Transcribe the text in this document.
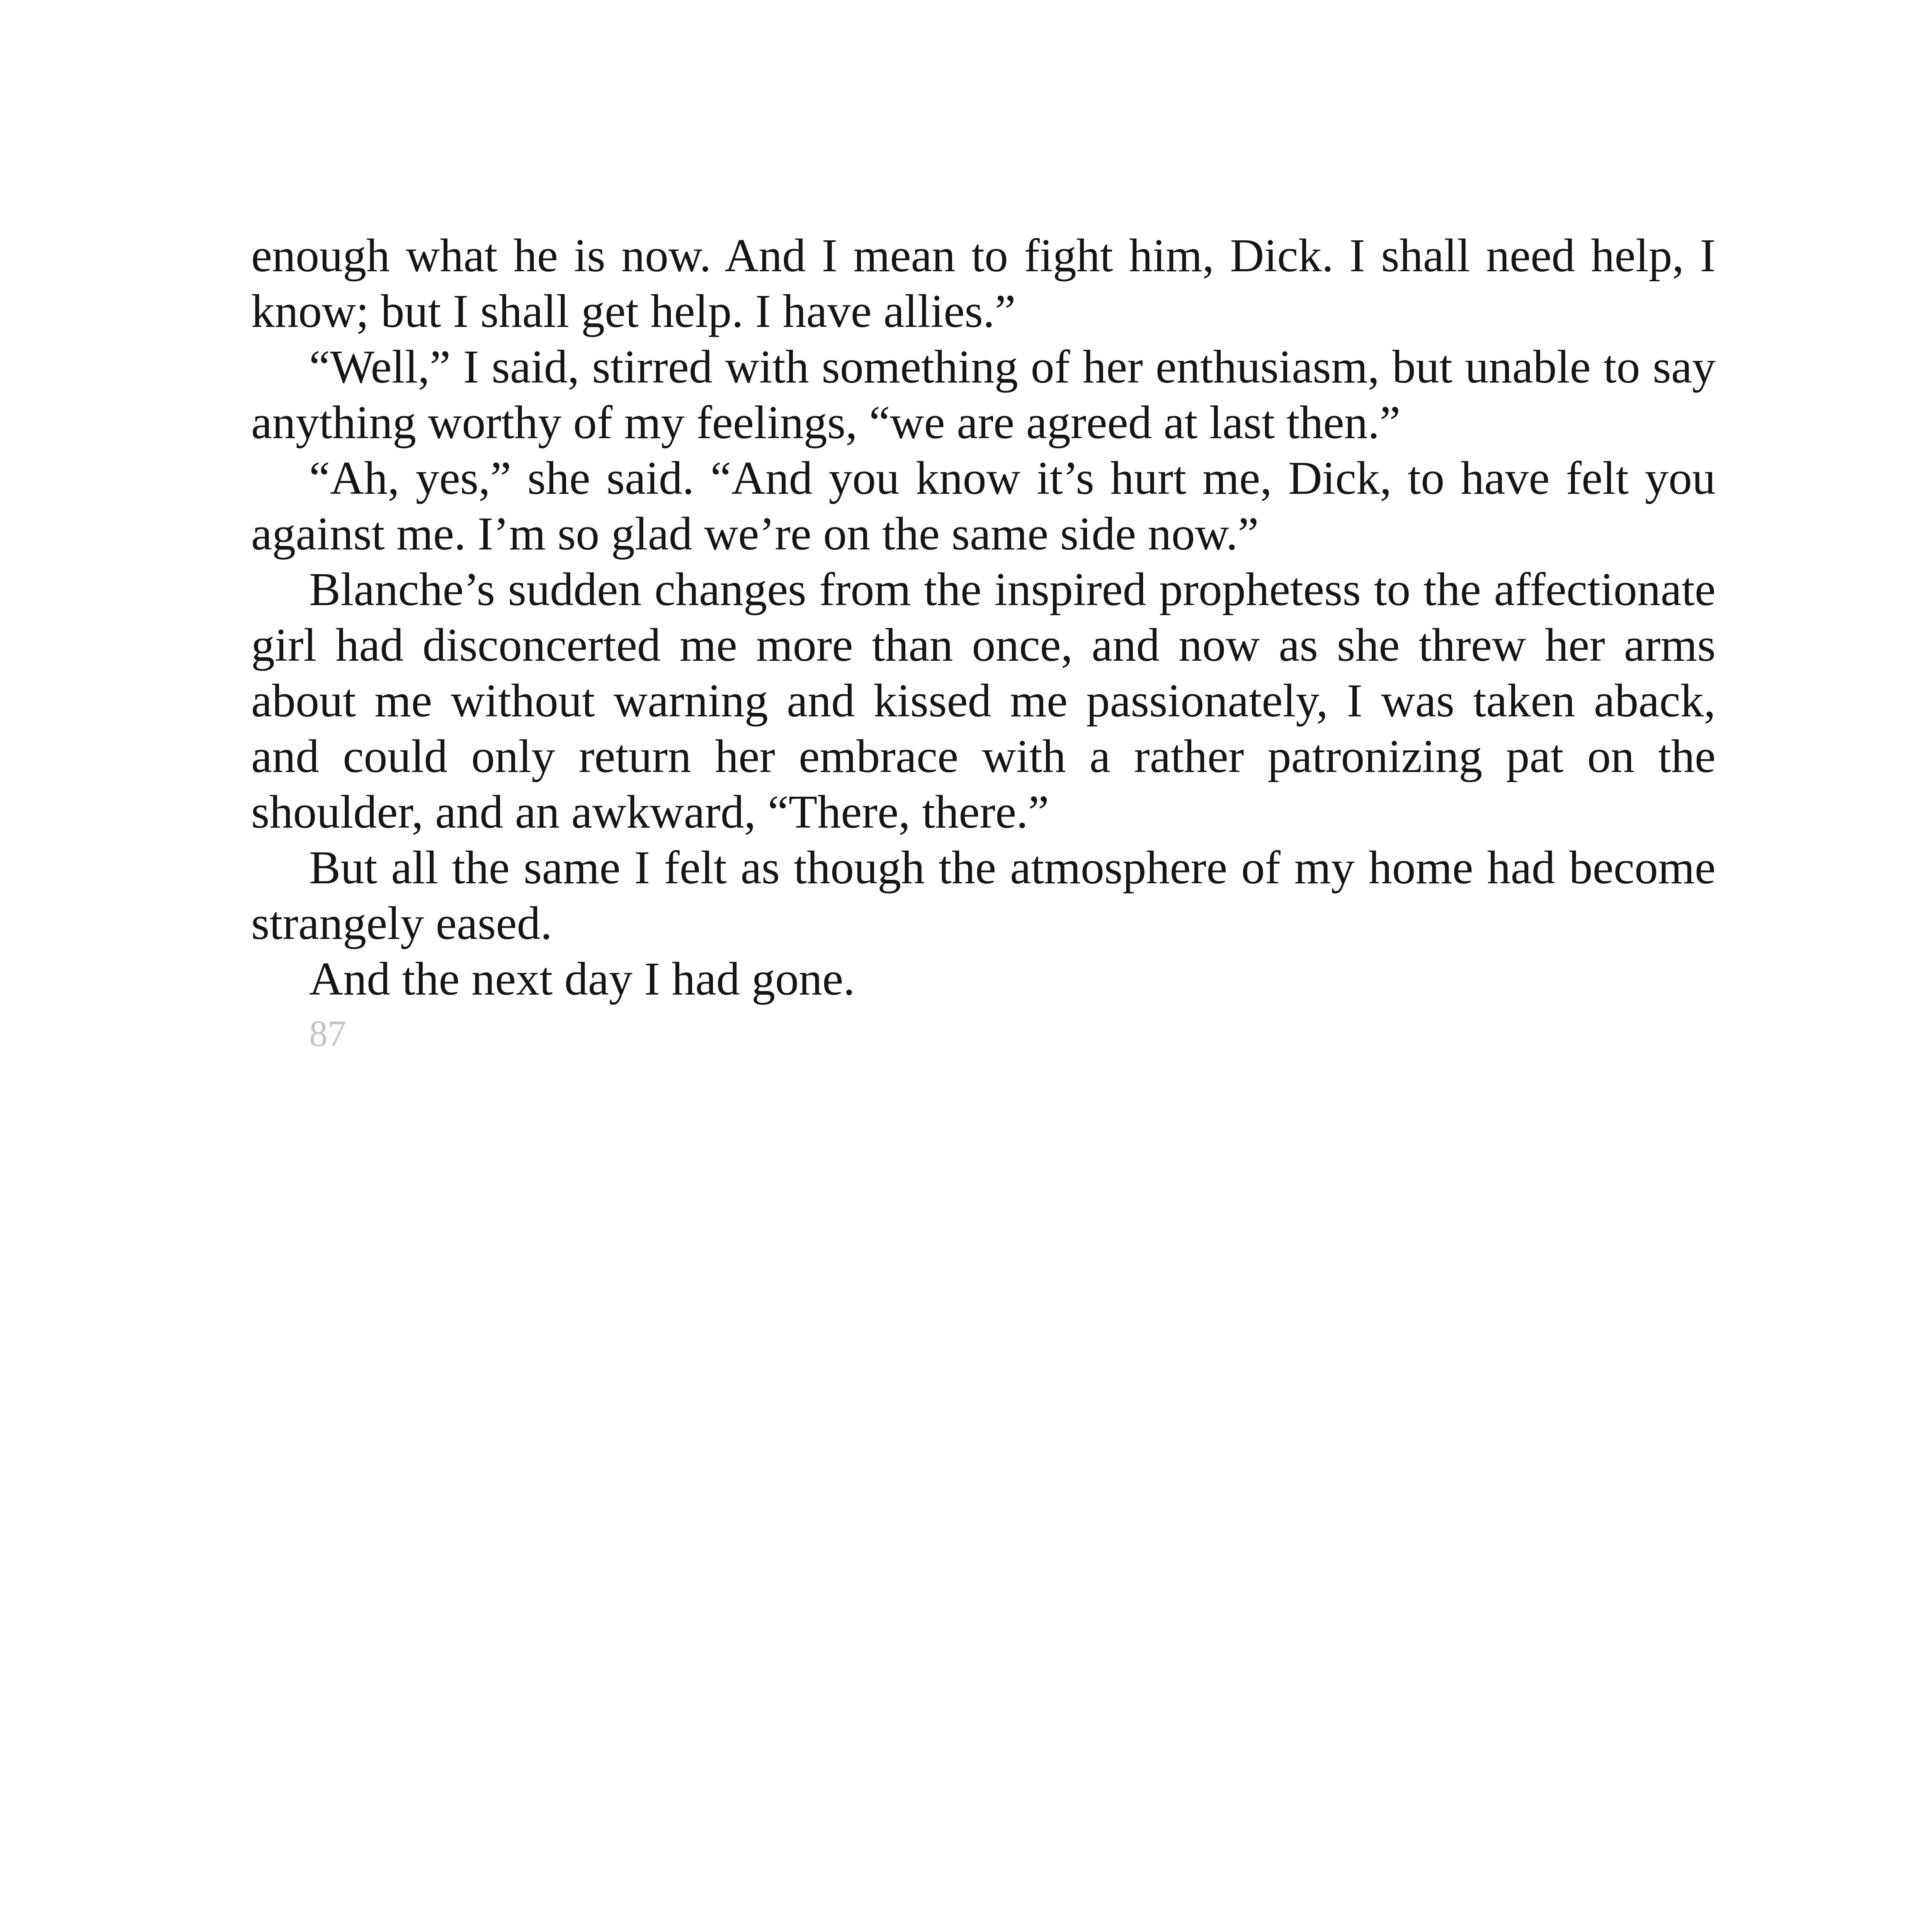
enough what he is now. And I mean to fight him, Dick. I shall need help, I know; but I shall get help. I have allies.”

“Well,” I said, stirred with something of her enthusiasm, but unable to say anything worthy of my feelings, “we are agreed at last then.”

“Ah, yes,” she said. “And you know it’s hurt me, Dick, to have felt you against me. I’m so glad we’re on the same side now.”

Blanche’s sudden changes from the inspired prophetess to the affectionate girl had disconcerted me more than once, and now as she threw her arms about me without warning and kissed me passionately, I was taken aback, and could only return her embrace with a rather patronizing pat on the shoulder, and an awkward, “There, there.”

But all the same I felt as though the atmosphere of my home had become strangely eased.

And the next day I had gone.

87
